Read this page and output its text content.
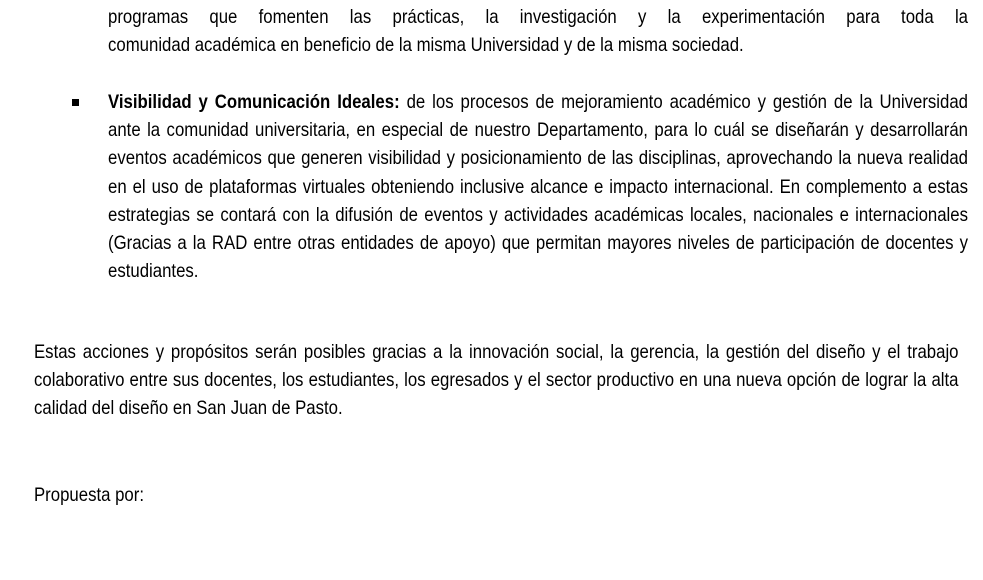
programas que fomenten las prácticas, la investigación y la experimentación para toda la
comunidad académica en beneficio de la misma Universidad y de la misma sociedad.
Visibilidad y Comunicación Ideales: de los procesos de mejoramiento académico y gestión de la Universidad ante la comunidad universitaria, en especial de nuestro Departamento, para lo cuál se diseñarán y desarrollarán eventos académicos que generen visibilidad y posicionamiento de las disciplinas, aprovechando la nueva realidad en el uso de plataformas virtuales obteniendo inclusive alcance e impacto internacional. En complemento a estas estrategias se contará con la difusión de eventos y actividades académicas locales, nacionales e internacionales (Gracias a la RAD entre otras entidades de apoyo) que permitan mayores niveles de participación de docentes y estudiantes.
Estas acciones y propósitos serán posibles gracias a la innovación social, la gerencia, la gestión del diseño y el trabajo colaborativo entre sus docentes, los estudiantes, los egresados y el sector productivo en una nueva opción de lograr la alta calidad del diseño en San Juan de Pasto.
Propuesta por:
